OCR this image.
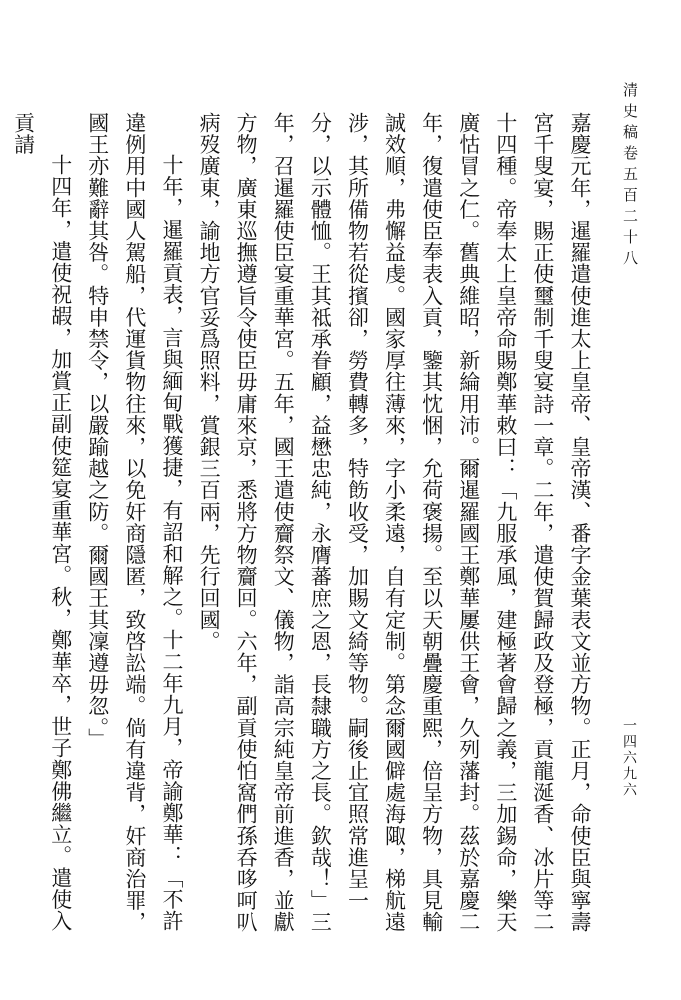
清史稿卷五百二十八
一四六九六

嘉慶元年，暹羅遣使進太上皇帝、皇帝漢、番字金葉表文並方物。正月，命使臣與寧壽宮千叟宴，賜正使璽制千叟宴詩一章。二年，遣使賀歸政及登極，貢龍涎香、冰片等二十四種。帝奉太上皇帝命賜鄭華敕曰：「九服承風，建極著會歸之義，三加錫命，樂天廣怙冒之仁。舊典維昭，新綸用沛。爾暹羅國王鄭華屢供王會，久列藩封。茲於嘉慶二年，復遣使臣奉表入貢，鑒其忱悃，允荷褒揚。至以天朝疊慶重熙，倍呈方物，具見輸誠效順，弗懈益虔。國家厚往薄來，字小柔遠，自有定制。第念爾國僻處海陬，梯航遠涉，其所備物若從擯卻，勞費轉多，特飭收受，加賜文綺等物。嗣後止宜照常進呈一分，以示體恤。王其祗承眷顧，益懋忠純，永膺蕃庶之恩，長隸職方之長。欽哉！」三年，召暹羅使臣宴重華宮。五年，國王遣使齎祭文、儀物，詣高宗純皇帝前進香，並獻方物，廣東巡撫遵旨令使臣毋庸來京，悉將方物齎回。六年，副貢使怕窩們孫呑哆呵叭病歿廣東，諭地方官妥爲照料，賞銀三百兩，先行回國。

十年，暹羅貢表，言與緬甸戰獲捷，有詔和解之。十二年九月，帝諭鄭華：「不許違例用中國人駕船，代運貨物往來，以免奸商隱匿，致啓訟端。倘有違背，奸商治罪，國王亦難辭其咎。特申禁令，以嚴踰越之防。爾國王其凜遵毋忽。」

十四年，遣使祝嘏，加賞正副使筵宴重華宮。秋，鄭華卒，世子鄭佛繼立。遣使入貢請
